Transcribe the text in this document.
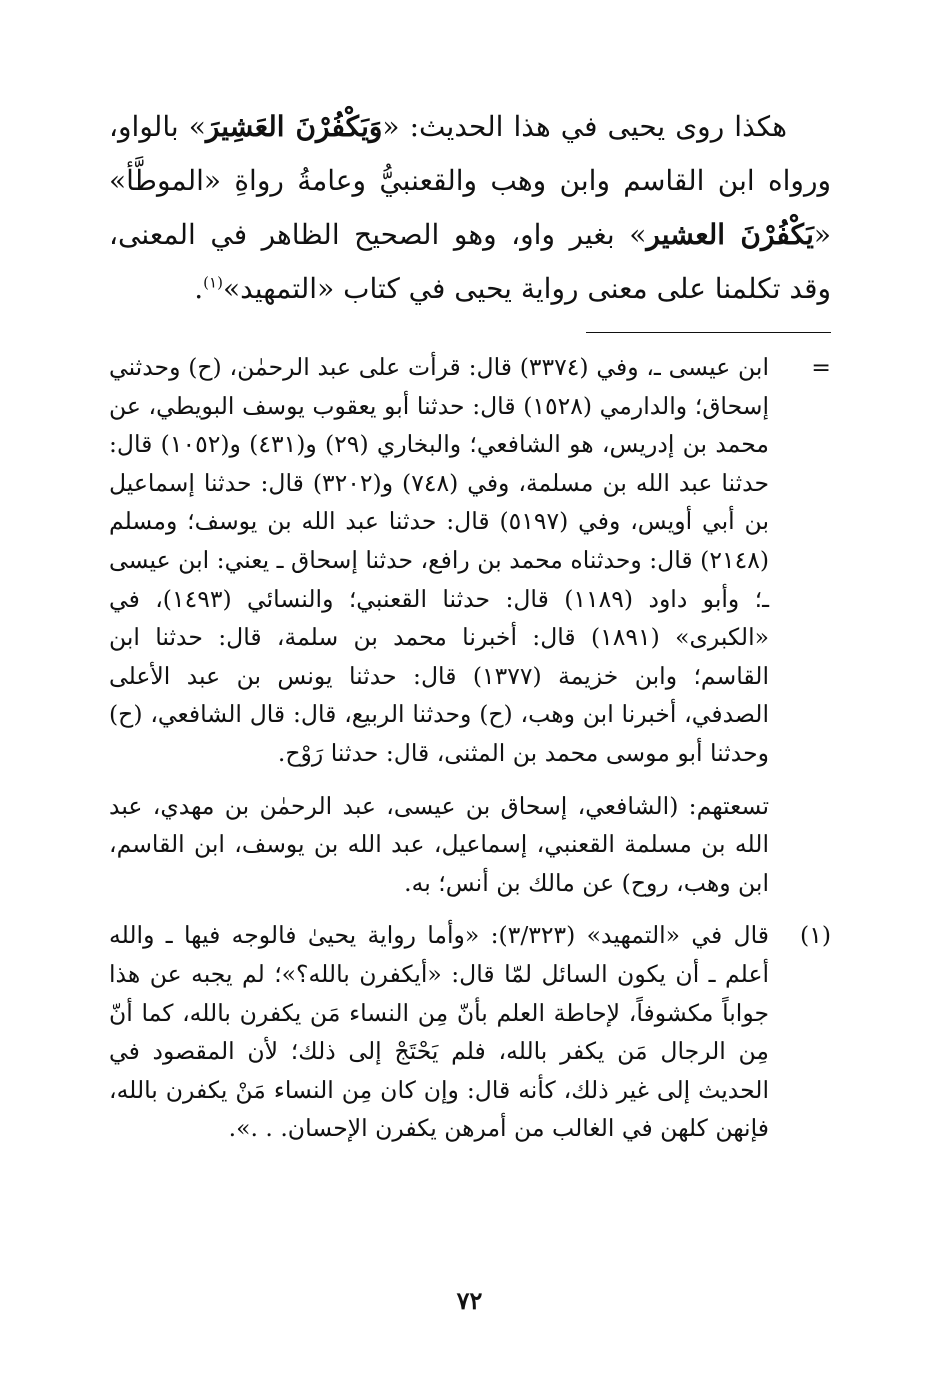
هكذا روى يحيى في هذا الحديث: «وَيَكْفُرْنَ العَشِيرَ» بالواو، ورواه ابن القاسم وابن وهب والقعنبيُّ وعامةُ رواةِ «الموطَّأ» «يَكْفُرْنَ العشير» بغير واو، وهو الصحيح الظاهر في المعنى، وقد تكلمنا على معنى رواية يحيى في كتاب «التمهيد»$^{(١)}$.

=
ابن عيسى ـ، وفي (٣٣٧٤) قال: قرأت على عبد الرحمٰن، (ح) وحدثني إسحاق؛ والدارمي (١٥٢٨) قال: حدثنا أبو يعقوب يوسف البويطي، عن محمد بن إدريس، هو الشافعي؛ والبخاري (٢٩) و(٤٣١) و(١٠٥٢) قال: حدثنا عبد الله بن مسلمة، وفي (٧٤٨) و(٣٢٠٢) قال: حدثنا إسماعيل بن أبي أويس، وفي (٥١٩٧) قال: حدثنا عبد الله بن يوسف؛ ومسلم (٢١٤٨) قال: وحدثناه محمد بن رافع، حدثنا إسحاق ـ يعني: ابن عيسى ـ؛ وأبو داود (١١٨٩) قال: حدثنا القعنبي؛ والنسائي (١٤٩٣)، في «الكبرى» (١٨٩١) قال: أخبرنا محمد بن سلمة، قال: حدثنا ابن القاسم؛ وابن خزيمة (١٣٧٧) قال: حدثنا يونس بن عبد الأعلى الصدفي، أخبرنا ابن وهب، (ح) وحدثنا الربيع، قال: قال الشافعي، (ح) وحدثنا أبو موسى محمد بن المثنى، قال: حدثنا رَوْح.
تسعتهم: (الشافعي، إسحاق بن عيسى، عبد الرحمٰن بن مهدي، عبد الله بن مسلمة القعنبي، إسماعيل، عبد الله بن يوسف، ابن القاسم، ابن وهب، روح) عن مالك بن أنس؛ به.
(١)
قال في «التمهيد» (٣/٣٢٣): «وأما رواية يحيىٰ فالوجه فيها ـ والله أعلم ـ أن يكون السائل لمّا قال: «أيكفرن بالله؟»؛ لم يجبه عن هذا جواباً مكشوفاً، لإحاطة العلم بأنّ مِن النساء مَن يكفرن بالله، كما أنّ مِن الرجال مَن يكفر بالله، فلم يَحْتَجْ إلى ذلك؛ لأن المقصود في الحديث إلى غير ذلك، كأنه قال: وإن كان مِن النساء مَنْ يكفرن بالله، فإنهن كلهن في الغالب من أمرهن يكفرن الإحسان. . .».
٧٢
